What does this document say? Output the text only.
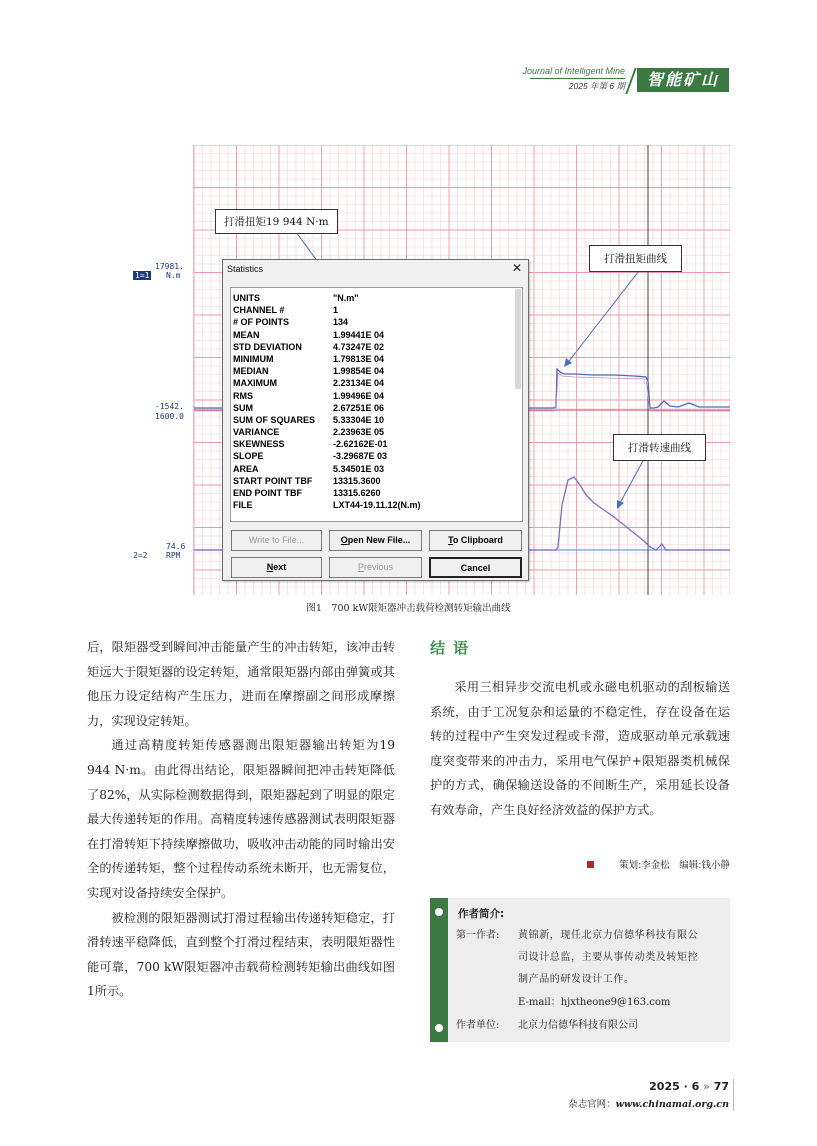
Journal of Intelligent Mine
2025 年第 6 期	智能矿山
17981.
1=1 N.m
-1542.
1600.0
74.6
2=2 RPM
打滑扭矩19 944 N·m
打滑扭矩曲线
打滑转速曲线
Statistics	✕
UNITS	"N.m"
CHANNEL #	1
# OF POINTS	134
MEAN	1.99441E 04
STD DEVIATION	4.73247E 02
MINIMUM	1.79813E 04
MEDIAN	1.99854E 04
MAXIMUM	2.23134E 04
RMS	1.99496E 04
SUM	2.67251E 06
SUM OF SQUARES	5.33304E 10
VARIANCE	2.23963E 05
SKEWNESS	-2.62162E-01
SLOPE	-3.29687E 03
AREA	5.34501E 03
START POINT TBF	13315.3600
END POINT TBF	13315.6260
FILE	LXT44-19.11.12(N.m)
Write to File...	Open New File...	To Clipboard
Next	Previous	Cancel
图1　700 kW限矩器冲击载荷检测转矩输出曲线

后，限矩器受到瞬间冲击能量产生的冲击转矩，该冲击转矩远大于限矩器的设定转矩，通常限矩器内部由弹簧或其他压力设定结构产生压力，进而在摩擦副之间形成摩擦力，实现设定转矩。

通过高精度转矩传感器测出限矩器输出转矩为19 944 N·m。由此得出结论，限矩器瞬间把冲击转矩降低了82%，从实际检测数据得到，限矩器起到了明显的限定最大传递转矩的作用。高精度转速传感器测试表明限矩器在打滑转矩下持续摩擦做功，吸收冲击动能的同时输出安全的传递转矩，整个过程传动系统未断开，也无需复位，实现对设备持续安全保护。

被检测的限矩器测试打滑过程输出传递转矩稳定，打滑转速平稳降低，直到整个打滑过程结束，表明限矩器性能可靠，700 kW限矩器冲击载荷检测转矩输出曲线如图1所示。

结语

采用三相异步交流电机或永磁电机驱动的刮板输送系统，由于工况复杂和运量的不稳定性，存在设备在运转的过程中产生突发过程或卡滞，造成驱动单元承载速度突变带来的冲击力，采用电气保护+限矩器类机械保护的方式，确保输送设备的不间断生产，采用延长设备有效寿命，产生良好经济效益的保护方式。

策划:李金松　编辑:钱小静
作者简介:
第一作者: 黄锦新，现任北京力信德华科技有限公
司设计总监，主要从事传动类及转矩控
制产品的研发设计工作。
E-mail：hjxtheone9@163.com
作者单位: 北京力信德华科技有限公司
2025 · 6 » 77
杂志官网：www.chinamai.org.cn
